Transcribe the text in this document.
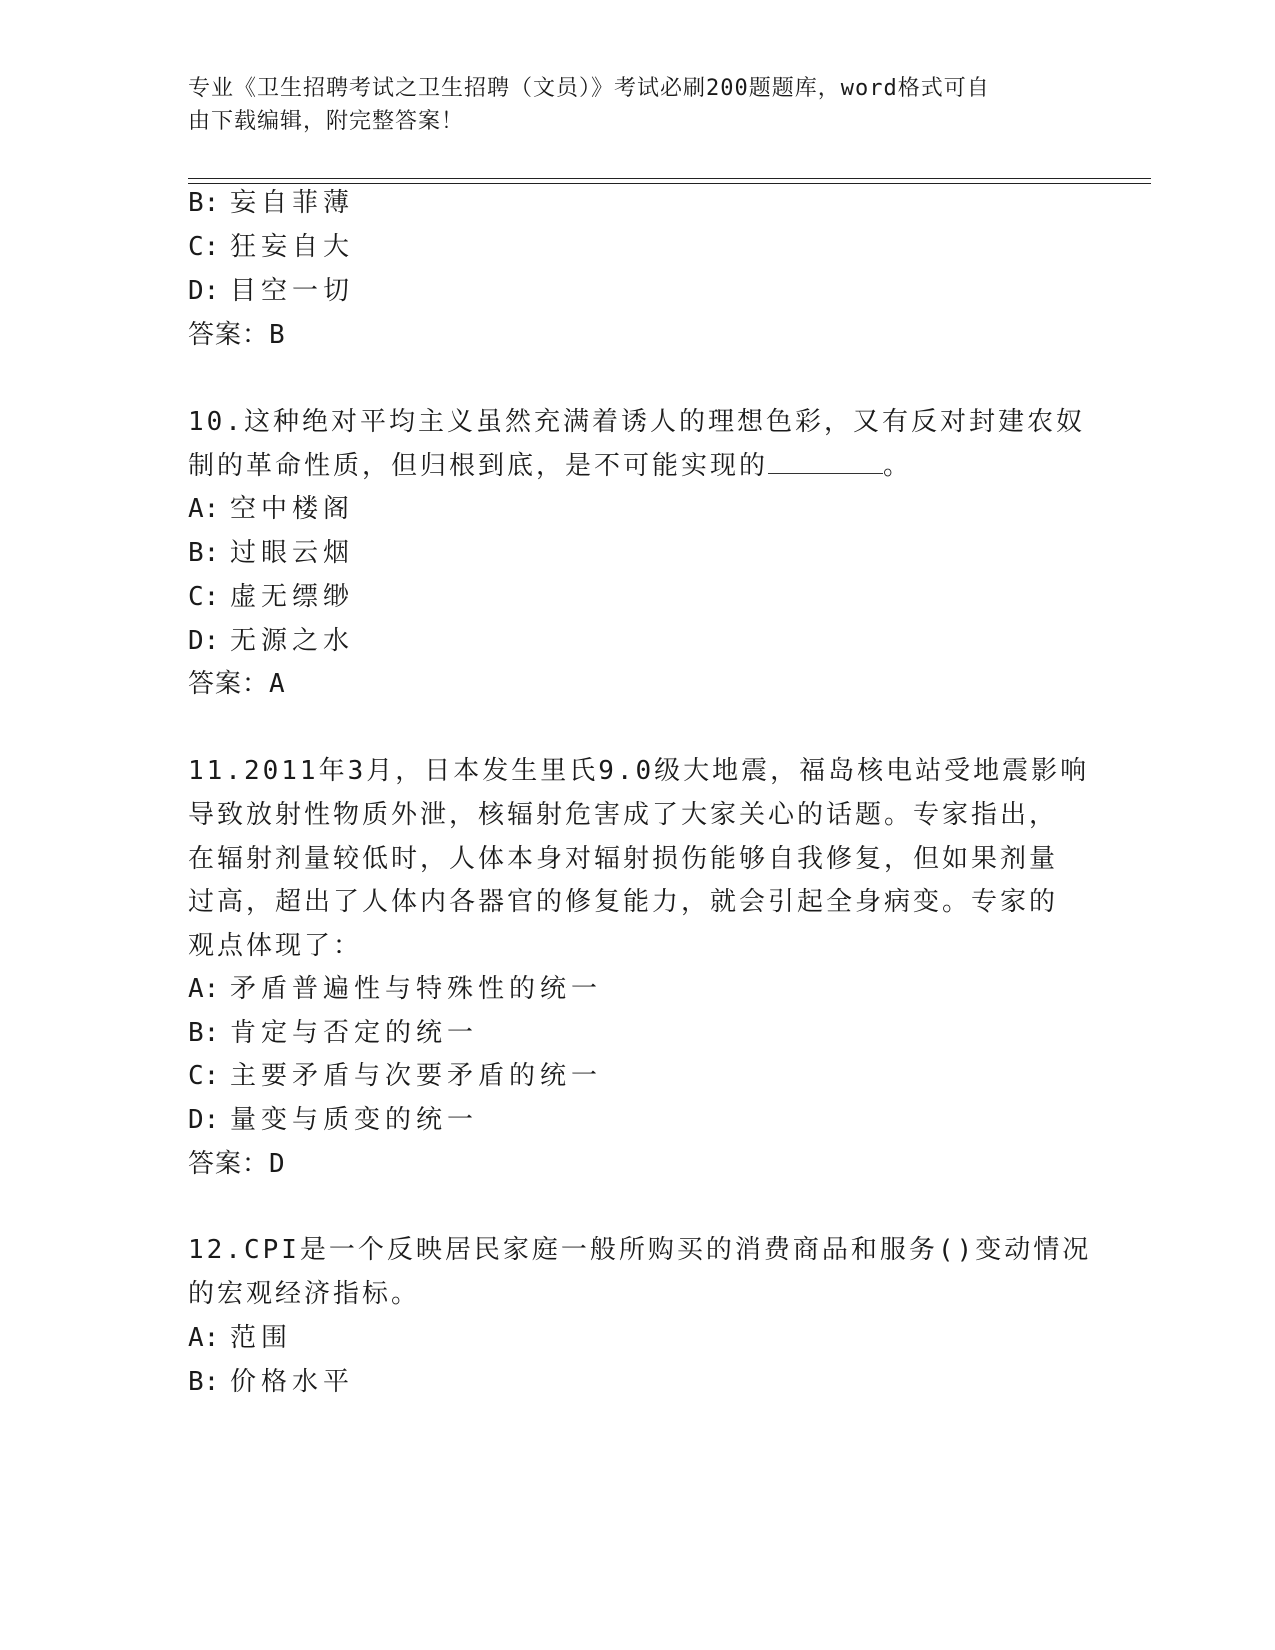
专业《卫生招聘考试之卫生招聘（文员）》考试必刷200题题库，word格式可自
由下载编辑，附完整答案！
B: 妄自菲薄
C: 狂妄自大
D: 目空一切
答案：B
10.这种绝对平均主义虽然充满着诱人的理想色彩，又有反对封建农奴
制的革命性质，但归根到底，是不可能实现的	。
A: 空中楼阁
B: 过眼云烟
C: 虚无缥缈
D: 无源之水
答案：A
11.2011年3月，日本发生里氏9.0级大地震，福岛核电站受地震影响
导致放射性物质外泄，核辐射危害成了大家关心的话题。专家指出，
在辐射剂量较低时，人体本身对辐射损伤能够自我修复，但如果剂量
过高，超出了人体内各器官的修复能力，就会引起全身病变。专家的
观点体现了：
A: 矛盾普遍性与特殊性的统一
B: 肯定与否定的统一
C: 主要矛盾与次要矛盾的统一
D: 量变与质变的统一
答案：D
12.CPI是一个反映居民家庭一般所购买的消费商品和服务()变动情况
的宏观经济指标。
A: 范围
B: 价格水平
